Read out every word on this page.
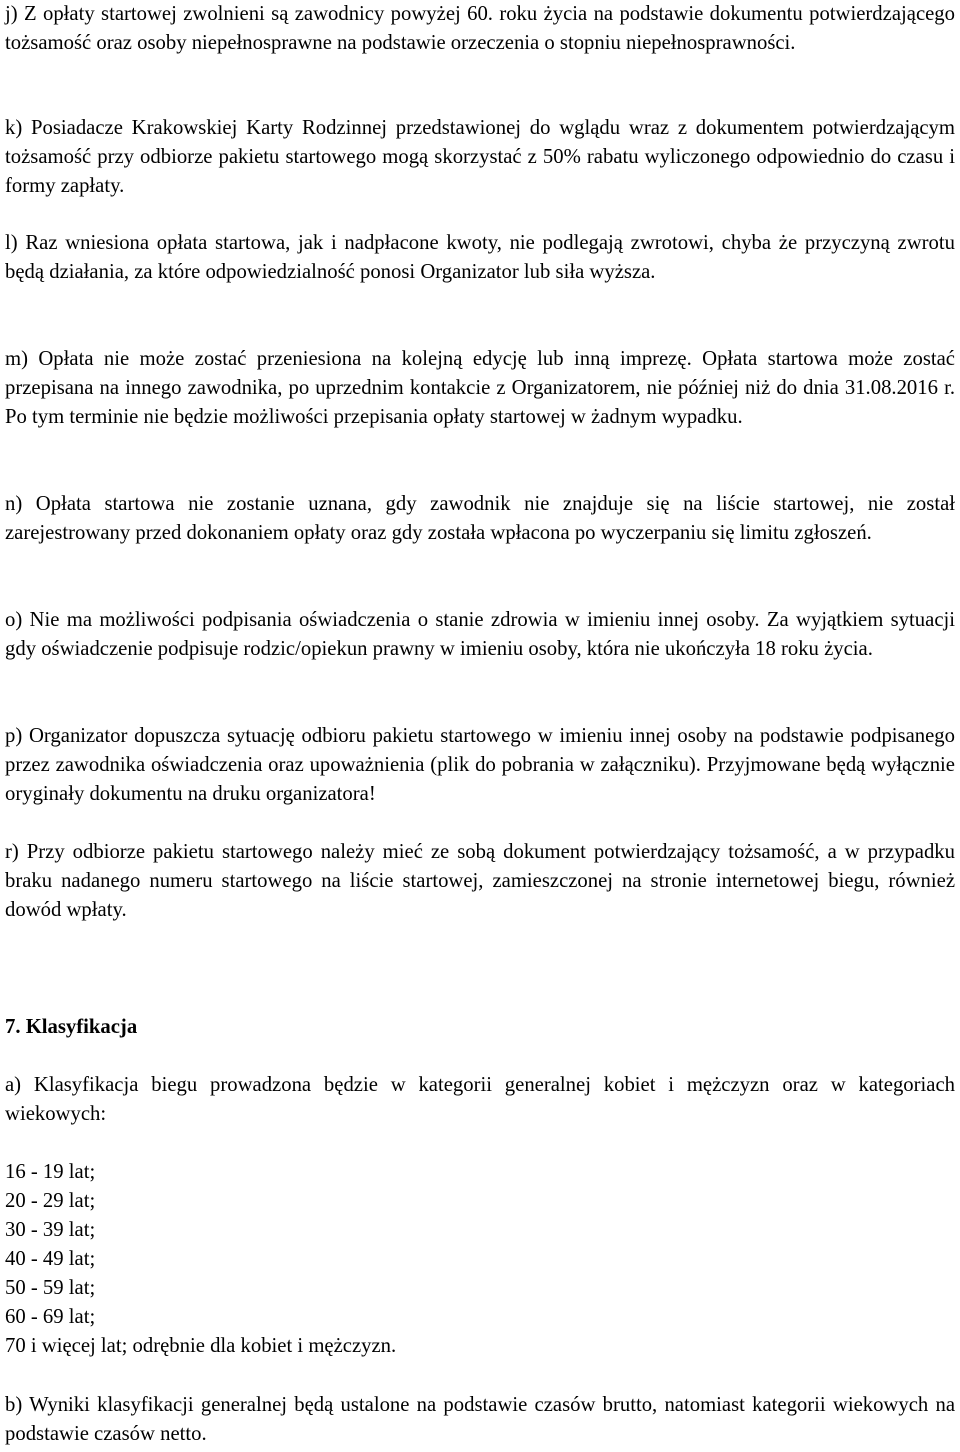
j) Z opłaty startowej zwolnieni są zawodnicy powyżej 60. roku życia na podstawie dokumentu potwierdzającego tożsamość oraz osoby niepełnosprawne na podstawie orzeczenia o stopniu niepełnosprawności.

k) Posiadacze Krakowskiej Karty Rodzinnej przedstawionej do wglądu wraz z dokumentem potwierdzającym tożsamość przy odbiorze pakietu startowego mogą skorzystać z 50% rabatu wyliczonego odpowiednio do czasu i formy zapłaty.

l) Raz wniesiona opłata startowa, jak i nadpłacone kwoty, nie podlegają zwrotowi, chyba że przyczyną zwrotu będą działania, za które odpowiedzialność ponosi Organizator lub siła wyższa.

m) Opłata nie może zostać przeniesiona na kolejną edycję lub inną imprezę. Opłata startowa może zostać przepisana na innego zawodnika, po uprzednim kontakcie z Organizatorem, nie później niż do dnia 31.08.2016 r. Po tym terminie nie będzie możliwości przepisania opłaty startowej w żadnym wypadku.

n) Opłata startowa nie zostanie uznana, gdy zawodnik nie znajduje się na liście startowej, nie został zarejestrowany przed dokonaniem opłaty oraz gdy została wpłacona po wyczerpaniu się limitu zgłoszeń.

o) Nie ma możliwości podpisania oświadczenia o stanie zdrowia w imieniu innej osoby. Za wyjątkiem sytuacji gdy oświadczenie podpisuje rodzic/opiekun prawny w imieniu osoby, która nie ukończyła 18 roku życia.

p) Organizator dopuszcza sytuację odbioru pakietu startowego w imieniu innej osoby na podstawie podpisanego przez zawodnika oświadczenia oraz upoważnienia (plik do pobrania w załączniku). Przyjmowane będą wyłącznie oryginały dokumentu na druku organizatora!

r) Przy odbiorze pakietu startowego należy mieć ze sobą dokument potwierdzający tożsamość, a w przypadku braku nadanego numeru startowego na liście startowej, zamieszczonej na stronie internetowej biegu, również dowód wpłaty.

7. Klasyfikacja

a) Klasyfikacja biegu prowadzona będzie w kategorii generalnej kobiet i mężczyzn oraz w kategoriach wiekowych:

16 - 19 lat;
20 - 29 lat;
30 - 39 lat;
40 - 49 lat;
50 - 59 lat;
60 - 69 lat;
70 i więcej lat; odrębnie dla kobiet i mężczyzn.

b) Wyniki klasyfikacji generalnej będą ustalone na podstawie czasów brutto, natomiast kategorii wiekowych na podstawie czasów netto.
